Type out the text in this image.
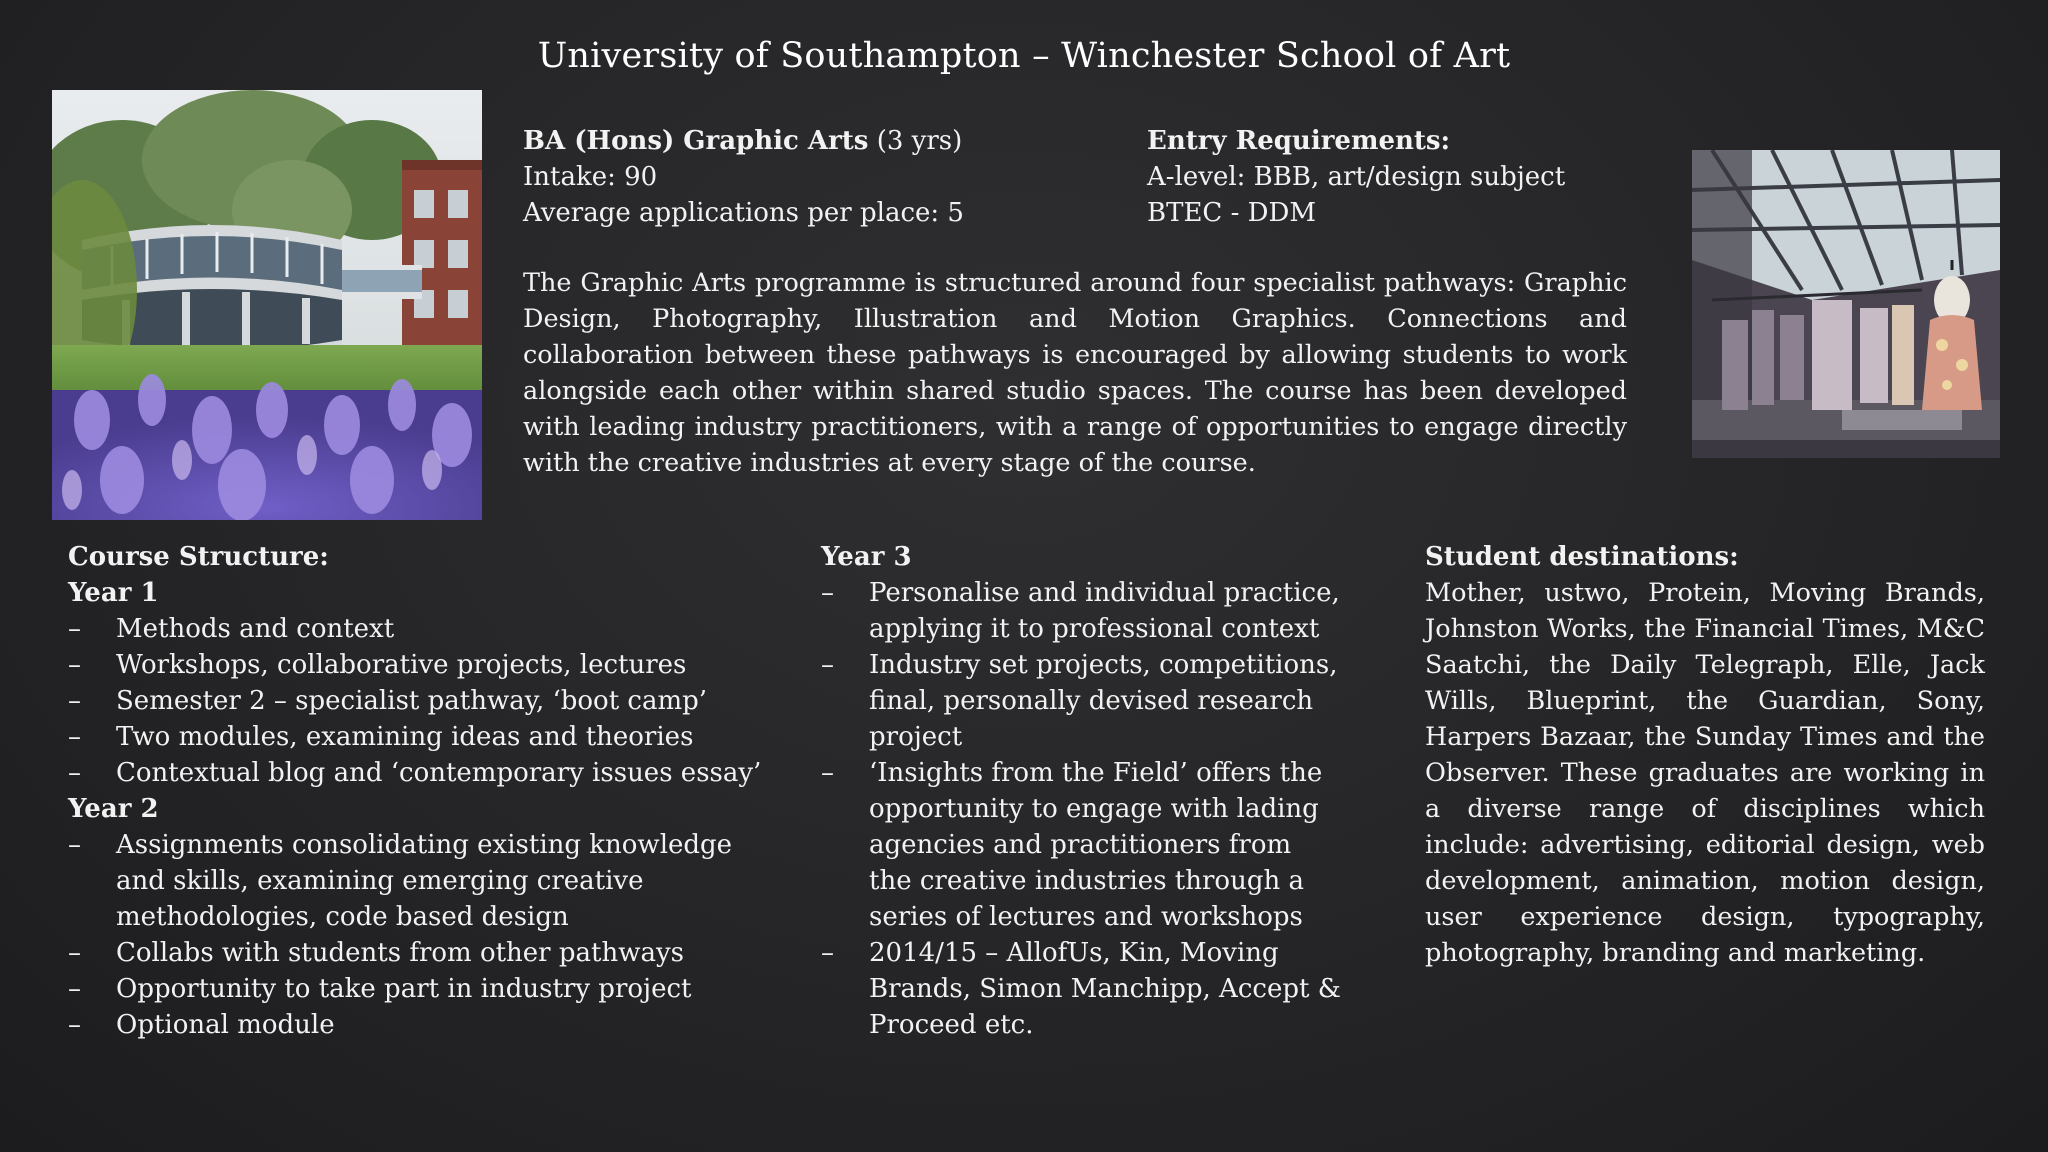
University of Southampton – Winchester School of Art
BA (Hons) Graphic Arts (3 yrs)
Intake: 90
Average applications per place: 5
Entry Requirements:
A-level: BBB, art/design subject
BTEC - DDM
The Graphic Arts programme is structured around four specialist pathways: Graphic Design, Photography, Illustration and Motion Graphics. Connections and collaboration between these pathways is encouraged by allowing students to work alongside each other within shared studio spaces. The course has been developed with leading industry practitioners, with a range of opportunities to engage directly with the creative industries at every stage of the course.
Course Structure:
Year 1
– Methods and context
– Workshops, collaborative projects, lectures
– Semester 2 – specialist pathway, ‘boot camp’
– Two modules, examining ideas and theories
– Contextual blog and ‘contemporary issues essay’
Year 2
– Assignments consolidating existing knowledge and skills, examining emerging creative methodologies, code based design
– Collabs with students from other pathways
– Opportunity to take part in industry project
– Optional module
Year 3
– Personalise and individual practice, applying it to professional context
– Industry set projects, competitions, final, personally devised research project
– ‘Insights from the Field’ offers the opportunity to engage with lading agencies and practitioners from the creative industries through a series of lectures and workshops
– 2014/15 – AllofUs, Kin, Moving Brands, Simon Manchipp, Accept & Proceed etc.
Student destinations:
Mother, ustwo, Protein, Moving Brands, Johnston Works, the Financial Times, M&C Saatchi, the Daily Telegraph, Elle, Jack Wills, Blueprint, the Guardian, Sony, Harpers Bazaar, the Sunday Times and the Observer. These graduates are working in a diverse range of disciplines which include: advertising, editorial design, web development, animation, motion design, user experience design, typography, photography, branding and marketing.
